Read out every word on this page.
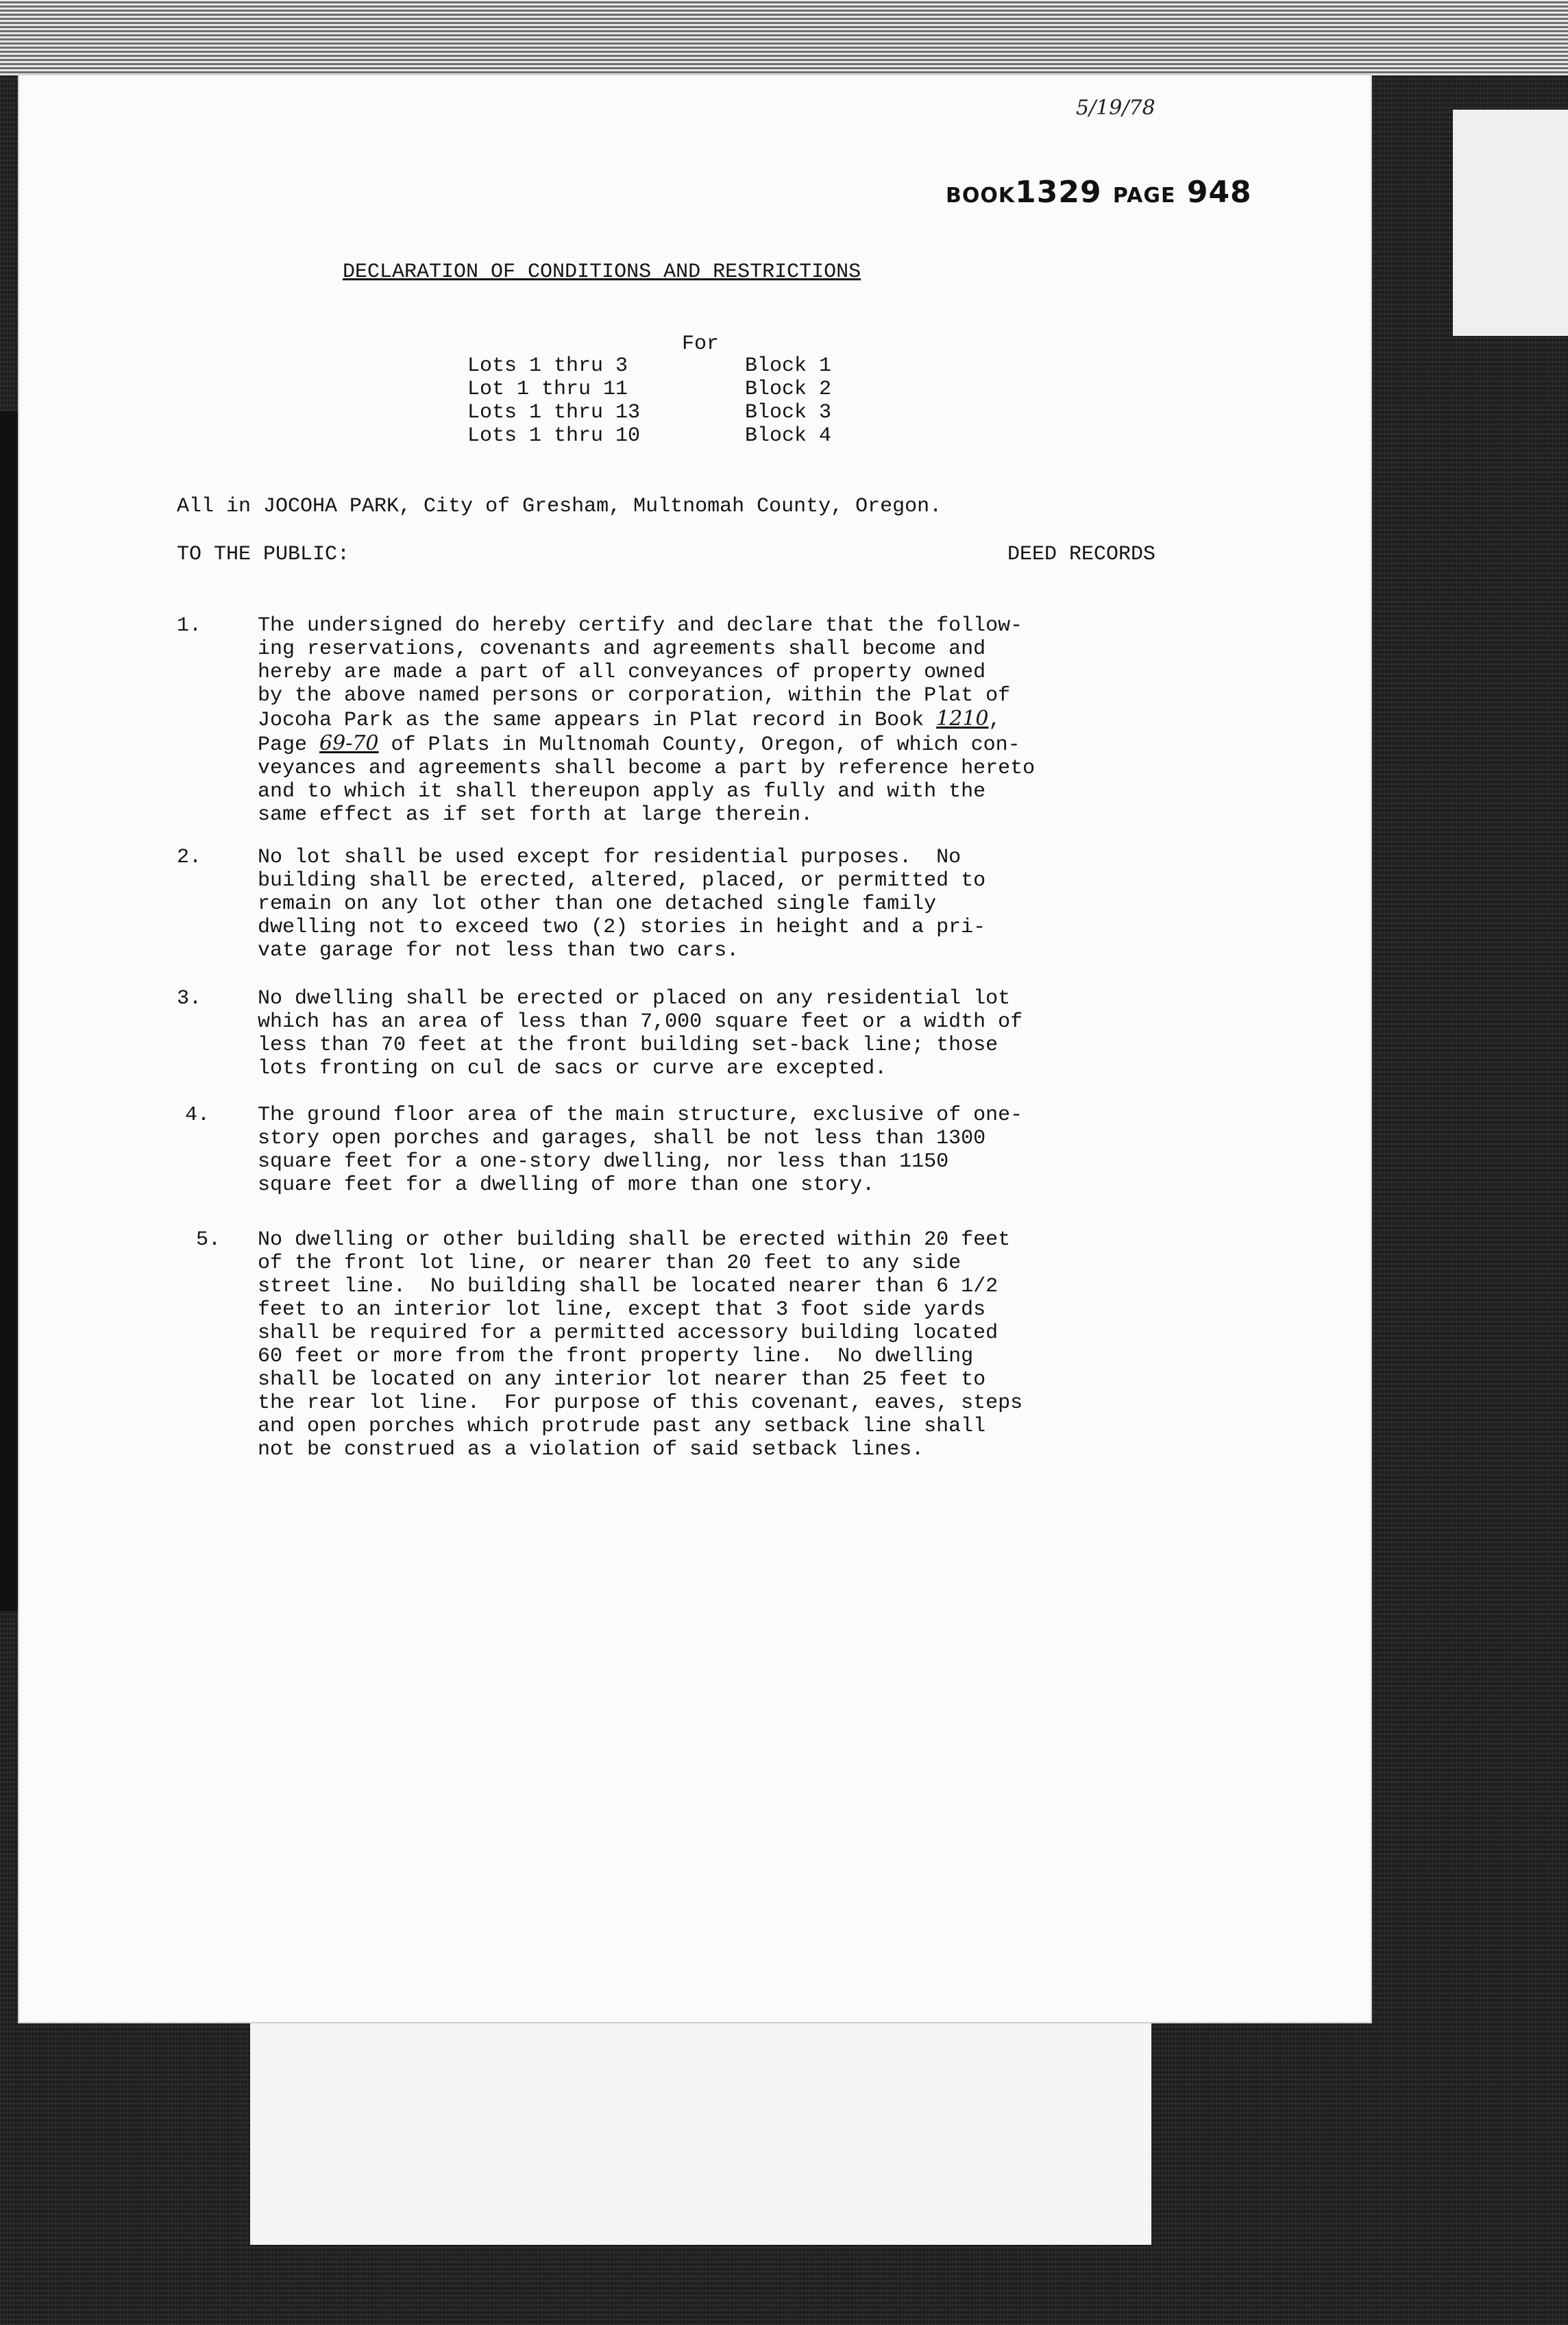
5/19/78
BOOK1329 PAGE 948
DECLARATION OF CONDITIONS AND RESTRICTIONS
For
Lots 1 thru 3	Block 1
Lot 1 thru 11	Block 2
Lots 1 thru 13	Block 3
Lots 1 thru 10	Block 4
All in JOCOHA PARK, City of Gresham, Multnomah County, Oregon.
TO THE PUBLIC:	DEED RECORDS
1.	The undersigned do hereby certify and declare that the follow-
ing reservations, covenants and agreements shall become and
hereby are made a part of all conveyances of property owned
by the above named persons or corporation, within the Plat of
Jocoha Park as the same appears in Plat record in Book 1210,
Page 69-70 of Plats in Multnomah County, Oregon, of which con-
veyances and agreements shall become a part by reference hereto
and to which it shall thereupon apply as fully and with the
same effect as if set forth at large therein.
2.	No lot shall be used except for residential purposes.  No
building shall be erected, altered, placed, or permitted to
remain on any lot other than one detached single family
dwelling not to exceed two (2) stories in height and a pri-
vate garage for not less than two cars.
3.	No dwelling shall be erected or placed on any residential lot
which has an area of less than 7,000 square feet or a width of
less than 70 feet at the front building set-back line; those
lots fronting on cul de sacs or curve are excepted.
4.	The ground floor area of the main structure, exclusive of one-
story open porches and garages, shall be not less than 1300
square feet for a one-story dwelling, nor less than 1150
square feet for a dwelling of more than one story.
5.	No dwelling or other building shall be erected within 20 feet
of the front lot line, or nearer than 20 feet to any side
street line.  No building shall be located nearer than 6 1/2
feet to an interior lot line, except that 3 foot side yards
shall be required for a permitted accessory building located
60 feet or more from the front property line.  No dwelling
shall be located on any interior lot nearer than 25 feet to
the rear lot line.  For purpose of this covenant, eaves, steps
and open porches which protrude past any setback line shall
not be construed as a violation of said setback lines.
